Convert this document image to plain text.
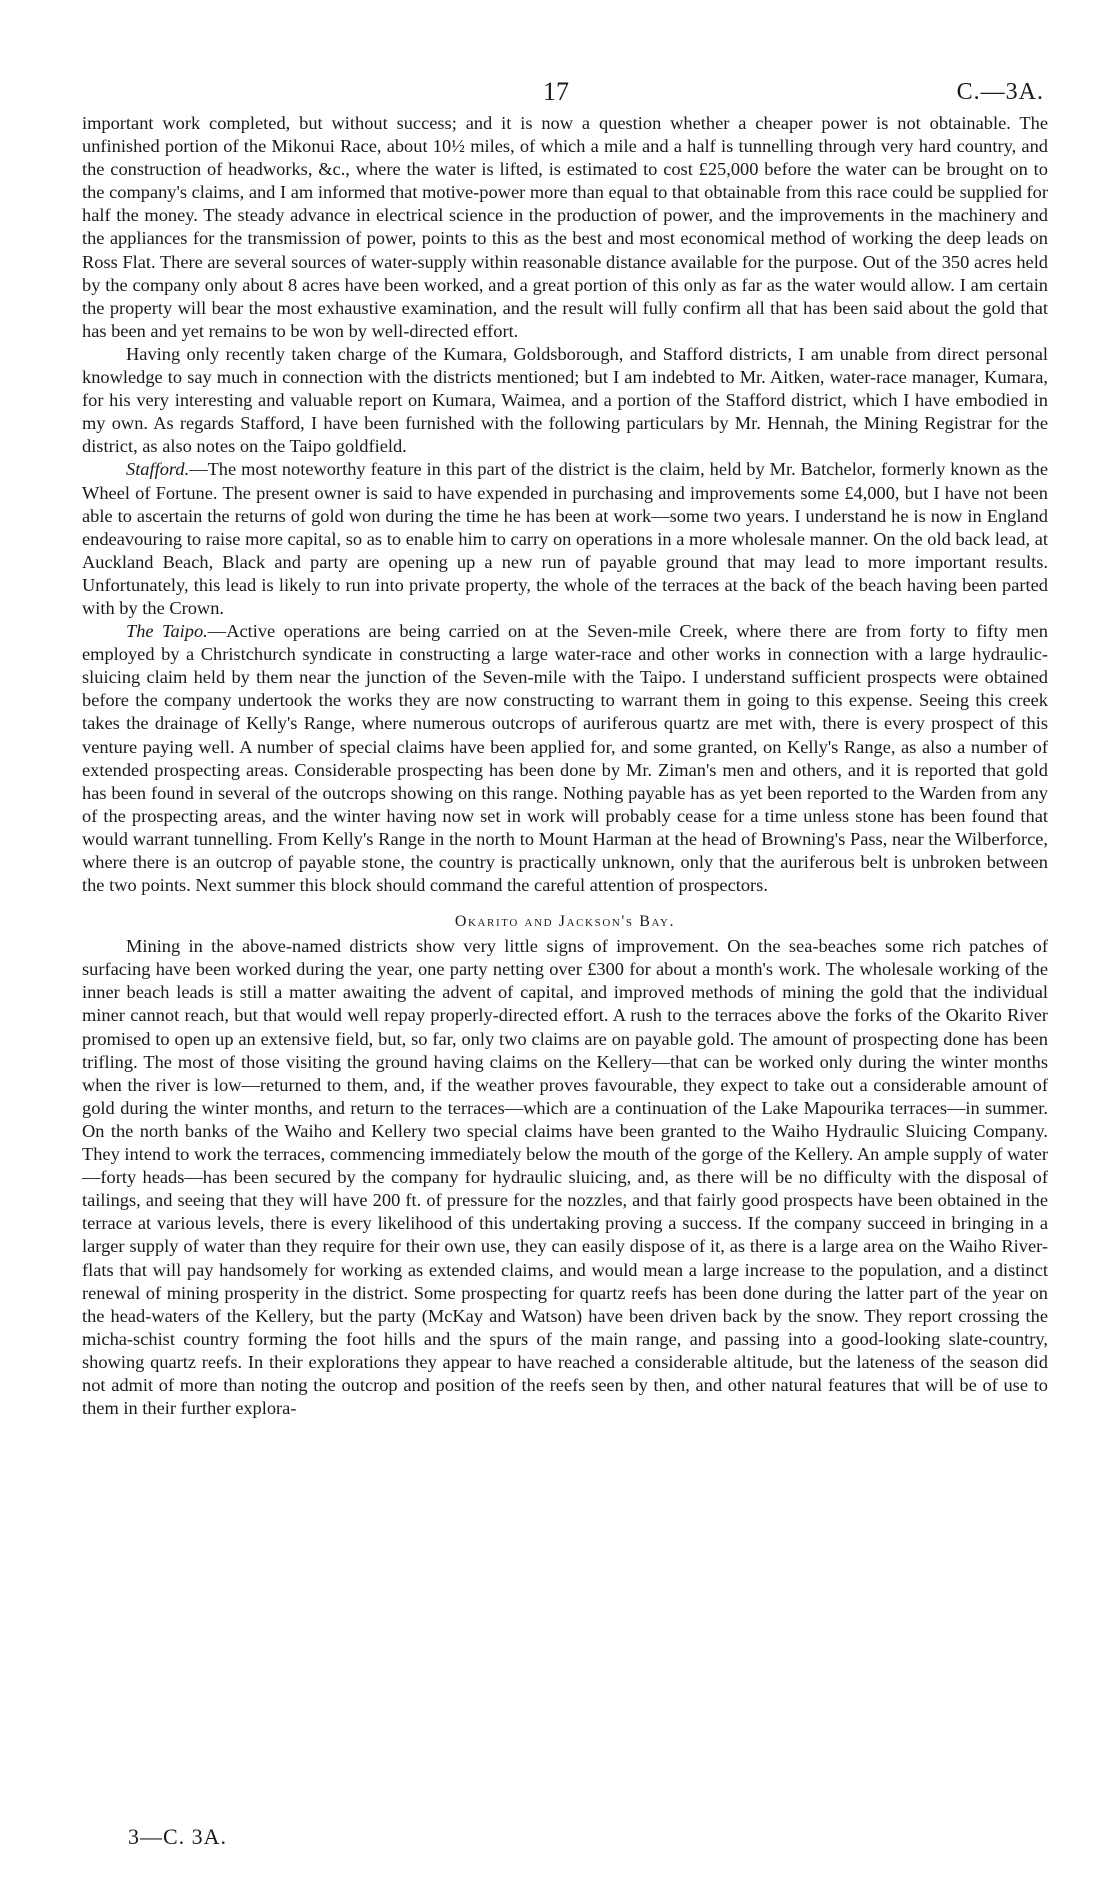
17	C.—3A.

important work completed, but without success; and it is now a question whether a cheaper power is not obtainable. The unfinished portion of the Mikonui Race, about 10½ miles, of which a mile and a half is tunnelling through very hard country, and the construction of headworks, &c., where the water is lifted, is estimated to cost £25,000 before the water can be brought on to the company's claims, and I am informed that motive-power more than equal to that obtainable from this race could be supplied for half the money. The steady advance in electrical science in the production of power, and the improvements in the machinery and the appliances for the transmission of power, points to this as the best and most economical method of working the deep leads on Ross Flat. There are several sources of water-supply within reasonable distance available for the purpose. Out of the 350 acres held by the company only about 8 acres have been worked, and a great portion of this only as far as the water would allow. I am certain the property will bear the most exhaustive examination, and the result will fully confirm all that has been said about the gold that has been and yet remains to be won by well-directed effort.

Having only recently taken charge of the Kumara, Goldsborough, and Stafford districts, I am unable from direct personal knowledge to say much in connection with the districts mentioned; but I am indebted to Mr. Aitken, water-race manager, Kumara, for his very interesting and valuable report on Kumara, Waimea, and a portion of the Stafford district, which I have embodied in my own. As regards Stafford, I have been furnished with the following particulars by Mr. Hennah, the Mining Registrar for the district, as also notes on the Taipo goldfield.

Stafford.—The most noteworthy feature in this part of the district is the claim, held by Mr. Batchelor, formerly known as the Wheel of Fortune. The present owner is said to have expended in purchasing and improvements some £4,000, but I have not been able to ascertain the returns of gold won during the time he has been at work—some two years. I understand he is now in England endeavouring to raise more capital, so as to enable him to carry on operations in a more wholesale manner. On the old back lead, at Auckland Beach, Black and party are opening up a new run of payable ground that may lead to more important results. Unfortunately, this lead is likely to run into private property, the whole of the terraces at the back of the beach having been parted with by the Crown.

The Taipo.—Active operations are being carried on at the Seven-mile Creek, where there are from forty to fifty men employed by a Christchurch syndicate in constructing a large water-race and other works in connection with a large hydraulic-sluicing claim held by them near the junction of the Seven-mile with the Taipo. I understand sufficient prospects were obtained before the company undertook the works they are now constructing to warrant them in going to this expense. Seeing this creek takes the drainage of Kelly's Range, where numerous outcrops of auriferous quartz are met with, there is every prospect of this venture paying well. A number of special claims have been applied for, and some granted, on Kelly's Range, as also a number of extended prospecting areas. Considerable prospecting has been done by Mr. Ziman's men and others, and it is reported that gold has been found in several of the outcrops showing on this range. Nothing payable has as yet been reported to the Warden from any of the prospecting areas, and the winter having now set in work will probably cease for a time unless stone has been found that would warrant tunnelling. From Kelly's Range in the north to Mount Harman at the head of Browning's Pass, near the Wilberforce, where there is an outcrop of payable stone, the country is practically unknown, only that the auriferous belt is unbroken between the two points. Next summer this block should command the careful attention of prospectors.

Okarito and Jackson's Bay.

Mining in the above-named districts show very little signs of improvement. On the sea-beaches some rich patches of surfacing have been worked during the year, one party netting over £300 for about a month's work. The wholesale working of the inner beach leads is still a matter awaiting the advent of capital, and improved methods of mining the gold that the individual miner cannot reach, but that would well repay properly-directed effort. A rush to the terraces above the forks of the Okarito River promised to open up an extensive field, but, so far, only two claims are on payable gold. The amount of prospecting done has been trifling. The most of those visiting the ground having claims on the Kellery—that can be worked only during the winter months when the river is low—returned to them, and, if the weather proves favourable, they expect to take out a considerable amount of gold during the winter months, and return to the terraces—which are a continuation of the Lake Mapourika terraces—in summer. On the north banks of the Waiho and Kellery two special claims have been granted to the Waiho Hydraulic Sluicing Company. They intend to work the terraces, commencing immediately below the mouth of the gorge of the Kellery. An ample supply of water—forty heads—has been secured by the company for hydraulic sluicing, and, as there will be no difficulty with the disposal of tailings, and seeing that they will have 200 ft. of pressure for the nozzles, and that fairly good prospects have been obtained in the terrace at various levels, there is every likelihood of this undertaking proving a success. If the company succeed in bringing in a larger supply of water than they require for their own use, they can easily dispose of it, as there is a large area on the Waiho River-flats that will pay handsomely for working as extended claims, and would mean a large increase to the population, and a distinct renewal of mining prosperity in the district. Some prospecting for quartz reefs has been done during the latter part of the year on the head-waters of the Kellery, but the party (McKay and Watson) have been driven back by the snow. They report crossing the micha-schist country forming the foot hills and the spurs of the main range, and passing into a good-looking slate-country, showing quartz reefs. In their explorations they appear to have reached a considerable altitude, but the lateness of the season did not admit of more than noting the outcrop and position of the reefs seen by then, and other natural features that will be of use to them in their further explora-

3—C. 3A.
